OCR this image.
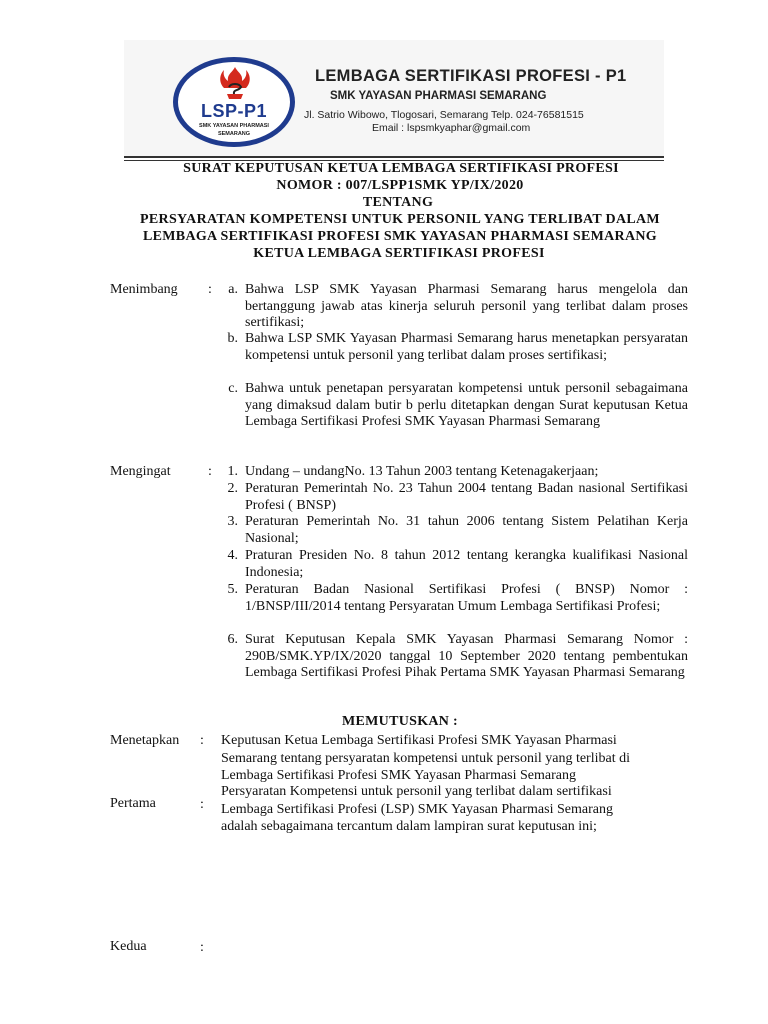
LSP-P1
SMK YAYASAN PHARMASI
SEMARANG
LEMBAGA SERTIFIKASI PROFESI - P1
SMK YAYASAN PHARMASI SEMARANG
Jl. Satrio Wibowo, Tlogosari, Semarang Telp. 024-76581515
Email : lspsmkyaphar@gmail.com
SURAT KEPUTUSAN KETUA LEMBAGA SERTIFIKASI PROFESI
NOMOR : 007/LSPP1SMK YP/IX/2020
TENTANG
PERSYARATAN KOMPETENSI UNTUK PERSONIL YANG TERLIBAT DALAM
LEMBAGA SERTIFIKASI PROFESI SMK YAYASAN PHARMASI SEMARANG
KETUA LEMBAGA SERTIFIKASI PROFESI
Menimbang :	a. Bahwa LSP SMK Yayasan Pharmasi Semarang harus mengelola dan bertanggung jawab atas kinerja seluruh personil yang terlibat dalam proses sertifikasi;
b. Bahwa LSP SMK Yayasan Pharmasi Semarang harus menetapkan persyaratan kompetensi untuk personil yang terlibat dalam proses sertifikasi;
c. Bahwa untuk penetapan persyaratan kompetensi untuk personil sebagaimana yang dimaksud dalam butir b perlu ditetapkan dengan Surat keputusan Ketua Lembaga Sertifikasi Profesi SMK Yayasan Pharmasi Semarang
Mengingat	:	1. Undang – undangNo. 13 Tahun 2003 tentang Ketenagakerjaan;
2. Peraturan Pemerintah No. 23 Tahun 2004 tentang Badan nasional Sertifikasi Profesi ( BNSP)
3. Peraturan Pemerintah No. 31 tahun 2006 tentang Sistem Pelatihan Kerja Nasional;
4. Praturan Presiden No. 8 tahun 2012 tentang kerangka kualifikasi Nasional Indonesia;
5. Peraturan Badan Nasional Sertifikasi Profesi ( BNSP) Nomor : 1/BNSP/III/2014 tentang Persyaratan Umum Lembaga Sertifikasi Profesi;
6. Surat Keputusan Kepala SMK Yayasan Pharmasi Semarang Nomor : 290B/SMK.YP/IX/2020 tanggal 10 September 2020 tentang pembentukan Lembaga Sertifikasi Profesi Pihak Pertama SMK Yayasan Pharmasi Semarang
MEMUTUSKAN :
Menetapkan : Keputusan Ketua Lembaga Sertifikasi Profesi SMK Yayasan Pharmasi
Semarang tentang persyaratan kompetensi untuk personil yang terlibat di
Lembaga Sertifikasi Profesi SMK Yayasan Pharmasi Semarang
Pertama	:
Persyaratan Kompetensi untuk personil yang terlibat dalam sertifikasi
Lembaga Sertifikasi Profesi (LSP) SMK Yayasan Pharmasi Semarang
adalah sebagaimana tercantum dalam lampiran surat keputusan ini;
Kedua	:
